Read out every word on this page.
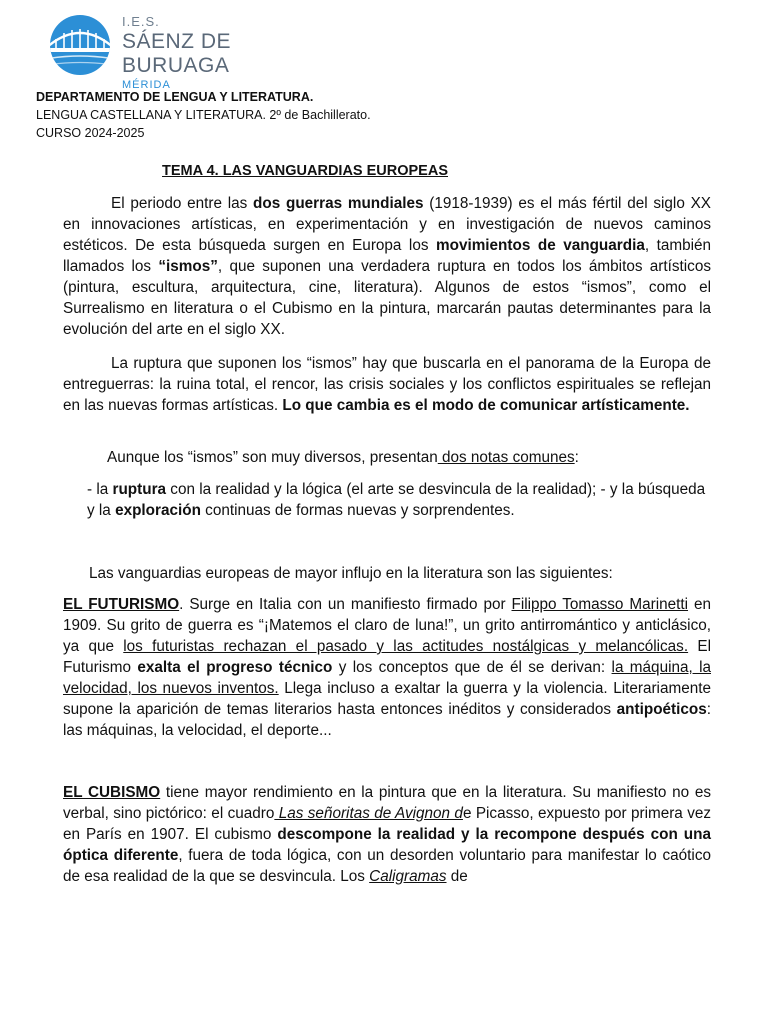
I.E.S.
SÁENZ DE BURUAGA
MÉRIDA
DEPARTAMENTO DE LENGUA Y LITERATURA.
LENGUA CASTELLANA Y LITERATURA. 2º de Bachillerato.
CURSO 2024-2025
TEMA 4. LAS VANGUARDIAS EUROPEAS
El periodo entre las dos guerras mundiales (1918-1939) es el más fértil del siglo XX en innovaciones artísticas, en experimentación y en investigación de nuevos caminos estéticos. De esta búsqueda surgen en Europa los movimientos de vanguardia, también llamados los “ismos”, que suponen una verdadera ruptura en todos los ámbitos artísticos (pintura, escultura, arquitectura, cine, literatura). Algunos de estos “ismos”, como el Surrealismo en literatura o el Cubismo en la pintura, marcarán pautas determinantes para la evolución del arte en el siglo XX.
La ruptura que suponen los “ismos” hay que buscarla en el panorama de la Europa de entreguerras: la ruina total, el rencor, las crisis sociales y los conflictos espirituales se reflejan en las nuevas formas artísticas. Lo que cambia es el modo de comunicar artísticamente.
Aunque los “ismos” son muy diversos, presentan dos notas comunes:
- la ruptura con la realidad y la lógica (el arte se desvincula de la realidad); - y la búsqueda y la exploración continuas de formas nuevas y sorprendentes.
Las vanguardias europeas de mayor influjo en la literatura son las siguientes:
EL FUTURISMO. Surge en Italia con un manifiesto firmado por Filippo Tomasso Marinetti en 1909. Su grito de guerra es “¡Matemos el claro de luna!”, un grito antirromántico y anticlásico, ya que los futuristas rechazan el pasado y las actitudes nostálgicas y melancólicas. El Futurismo exalta el progreso técnico y los conceptos que de él se derivan: la máquina, la velocidad, los nuevos inventos. Llega incluso a exaltar la guerra y la violencia. Literariamente supone la aparición de temas literarios hasta entonces inéditos y considerados antipoéticos: las máquinas, la velocidad, el deporte...
EL CUBISMO tiene mayor rendimiento en la pintura que en la literatura. Su manifiesto no es verbal, sino pictórico: el cuadro Las señoritas de Avignon de Picasso, expuesto por primera vez en París en 1907. El cubismo descompone la realidad y la recompone después con una óptica diferente, fuera de toda lógica, con un desorden voluntario para manifestar lo caótico de esa realidad de la que se desvincula. Los Caligramas de
